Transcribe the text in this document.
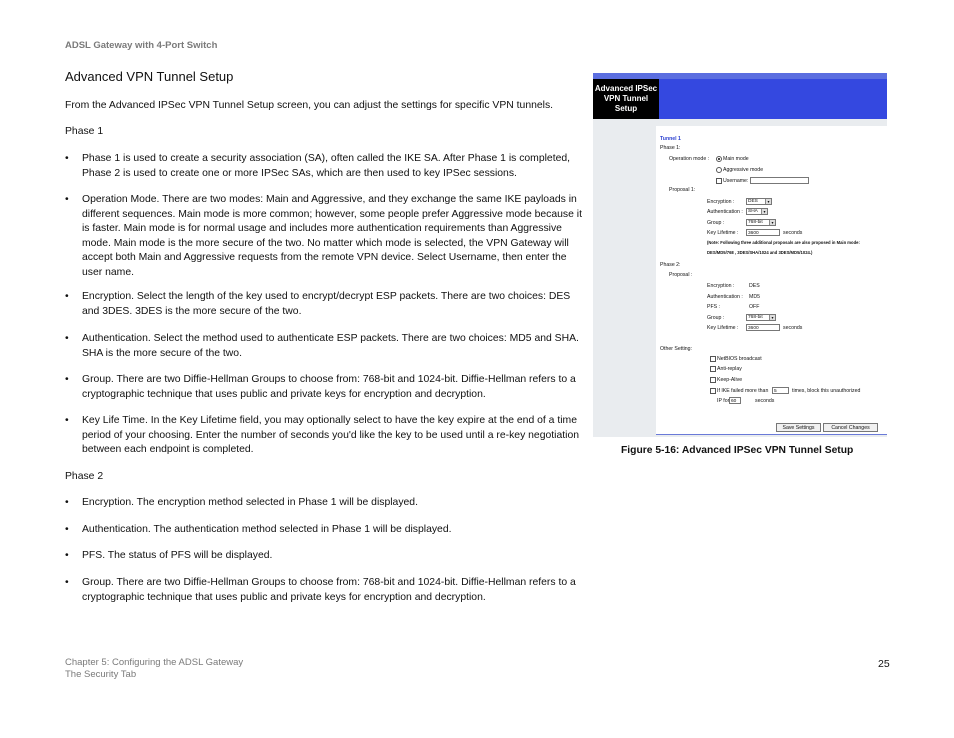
ADSL Gateway with 4-Port Switch
Advanced VPN Tunnel Setup
From the Advanced IPSec VPN Tunnel Setup screen, you can adjust the settings for specific VPN tunnels.
Phase 1
• Phase 1 is used to create a security association (SA), often called the IKE SA. After Phase 1 is completed, Phase 2 is used to create one or more IPSec SAs, which are then used to key IPSec sessions.
• Operation Mode. There are two modes: Main and Aggressive, and they exchange the same IKE payloads in different sequences. Main mode is more common; however, some people prefer Aggressive mode because it is faster. Main mode is for normal usage and includes more authentication requirements than Aggressive mode. Main mode is the more secure of the two. No matter which mode is selected, the VPN Gateway will accept both Main and Aggressive requests from the remote VPN device. Select Username, then enter the user name.
• Encryption. Select the length of the key used to encrypt/decrypt ESP packets. There are two choices: DES and 3DES. 3DES is the more secure of the two.
• Authentication. Select the method used to authenticate ESP packets. There are two choices: MD5 and SHA. SHA is the more secure of the two.
• Group. There are two Diffie-Hellman Groups to choose from: 768-bit and 1024-bit. Diffie-Hellman refers to a cryptographic technique that uses public and private keys for encryption and decryption.
• Key Life Time. In the Key Lifetime field, you may optionally select to have the key expire at the end of a time period of your choosing. Enter the number of seconds you'd like the key to be used until a re-key negotiation between each endpoint is completed.
Phase 2
• Encryption. The encryption method selected in Phase 1 will be displayed.
• Authentication. The authentication method selected in Phase 1 will be displayed.
• PFS. The status of PFS will be displayed.
• Group. There are two Diffie-Hellman Groups to choose from: 768-bit and 1024-bit. Diffie-Hellman refers to a cryptographic technique that uses public and private keys for encryption and decryption.
Advanced IPSec
VPN Tunnel
Setup
Tunnel 1
Phase 1:
Operation mode :	Main mode
Aggressive mode
Username:
Proposal 1:
Encryption :	DES	▾
Authentication :	SHA	▾
Group :	768-bit	▾
Key Lifetime :	3600	seconds
(Note: Following three additional proposals are also proposed in Main mode:
DES/MD5/768 , 3DES/SHA/1024 and 3DES/MD5/1024.)
Phase 2:
Proposal :
Encryption :	DES
Authentication : MD5
PFS :	OFF
Group :	768-bit	▾
Key Lifetime :	3600	seconds
Other Setting:
NetBIOS broadcast
Anti-replay
Keep-Alive
If IKE failed more than	5	times, block this unauthorized
IP for 60	seconds
Save Settings	Cancel Changes
Figure 5-16: Advanced IPSec VPN Tunnel Setup
Chapter 5: Configuring the ADSL Gateway
The Security Tab
25
